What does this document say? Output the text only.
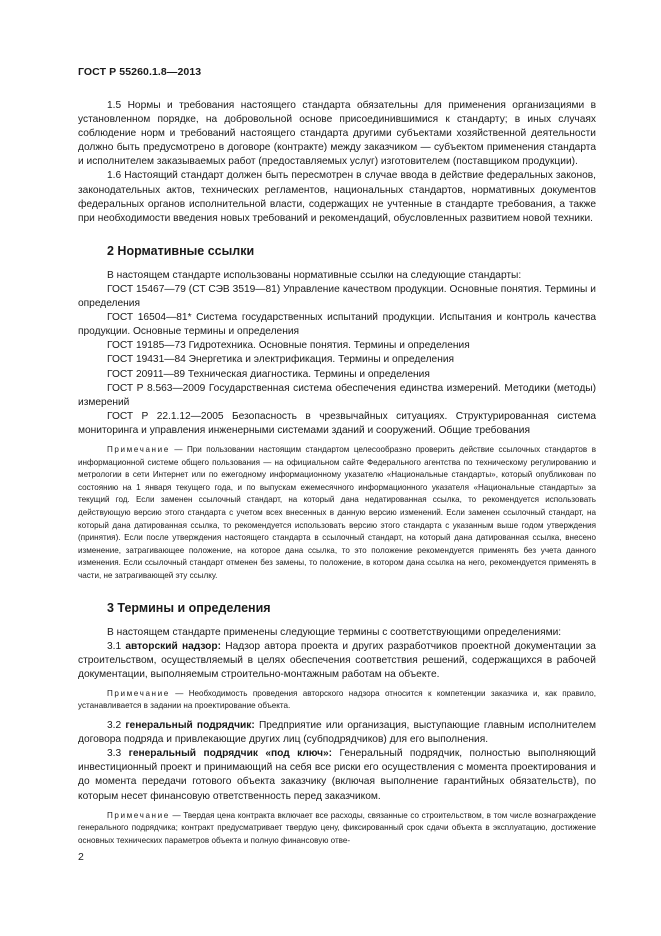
ГОСТ Р 55260.1.8—2013

1.5 Нормы и требования настоящего стандарта обязательны для применения организациями в установленном порядке, на добровольной основе присоединившимися к стандарту; в иных случаях соблюдение норм и требований настоящего стандарта другими субъектами хозяйственной деятельности должно быть предусмотрено в договоре (контракте) между заказчиком — субъектом применения стандарта и исполнителем заказываемых работ (предоставляемых услуг) изготовителем (поставщиком продукции).

1.6 Настоящий стандарт должен быть пересмотрен в случае ввода в действие федеральных законов, законодательных актов, технических регламентов, национальных стандартов, нормативных документов федеральных органов исполнительной власти, содержащих не учтенные в стандарте требования, а также при необходимости введения новых требований и рекомендаций, обусловленных развитием новой техники.

2 Нормативные ссылки

В настоящем стандарте использованы нормативные ссылки на следующие стандарты:

ГОСТ 15467—79 (СТ СЭВ 3519—81) Управление качеством продукции. Основные понятия. Термины и определения

ГОСТ 16504—81* Система государственных испытаний продукции. Испытания и контроль качества продукции. Основные термины и определения

ГОСТ 19185—73 Гидротехника. Основные понятия. Термины и определения

ГОСТ 19431—84 Энергетика и электрификация. Термины и определения

ГОСТ 20911—89 Техническая диагностика. Термины и определения

ГОСТ Р 8.563—2009 Государственная система обеспечения единства измерений. Методики (методы) измерений

ГОСТ Р 22.1.12—2005 Безопасность в чрезвычайных ситуациях. Структурированная система мониторинга и управления инженерными системами зданий и сооружений. Общие требования

Примечание — При пользовании настоящим стандартом целесообразно проверить действие ссылочных стандартов в информационной системе общего пользования — на официальном сайте Федерального агентства по техническому регулированию и метрологии в сети Интернет или по ежегодному информационному указателю «Национальные стандарты», который опубликован по состоянию на 1 января текущего года, и по выпускам ежемесячного информационного указателя «Национальные стандарты» за текущий год. Если заменен ссылочный стандарт, на который дана недатированная ссылка, то рекомендуется использовать действующую версию этого стандарта с учетом всех внесенных в данную версию изменений. Если заменен ссылочный стандарт, на который дана датированная ссылка, то рекомендуется использовать версию этого стандарта с указанным выше годом утверждения (принятия). Если после утверждения настоящего стандарта в ссылочный стандарт, на который дана датированная ссылка, внесено изменение, затрагивающее положение, на которое дана ссылка, то это положение рекомендуется применять без учета данного изменения. Если ссылочный стандарт отменен без замены, то положение, в котором дана ссылка на него, рекомендуется применять в части, не затрагивающей эту ссылку.
3 Термины и определения

В настоящем стандарте применены следующие термины с соответствующими определениями:

3.1 авторский надзор: Надзор автора проекта и других разработчиков проектной документации за строительством, осуществляемый в целях обеспечения соответствия решений, содержащихся в рабочей документации, выполняемым строительно-монтажным работам на объекте.

Примечание — Необходимость проведения авторского надзора относится к компетенции заказчика и, как правило, устанавливается в задании на проектирование объекта.

3.2 генеральный подрядчик: Предприятие или организация, выступающие главным исполнителем договора подряда и привлекающие других лиц (субподрядчиков) для его выполнения.

3.3 генеральный подрядчик «под ключ»: Генеральный подрядчик, полностью выполняющий инвестиционный проект и принимающий на себя все риски его осуществления с момента проектирования и до момента передачи готового объекта заказчику (включая выполнение гарантийных обязательств), по которым несет финансовую ответственность перед заказчиком.

Примечание — Твердая цена контракта включает все расходы, связанные со строительством, в том числе вознаграждение генерального подрядчика; контракт предусматривает твердую цену, фиксированный срок сдачи объекта в эксплуатацию, достижение основных технических параметров объекта и полную финансовую отве-
2
